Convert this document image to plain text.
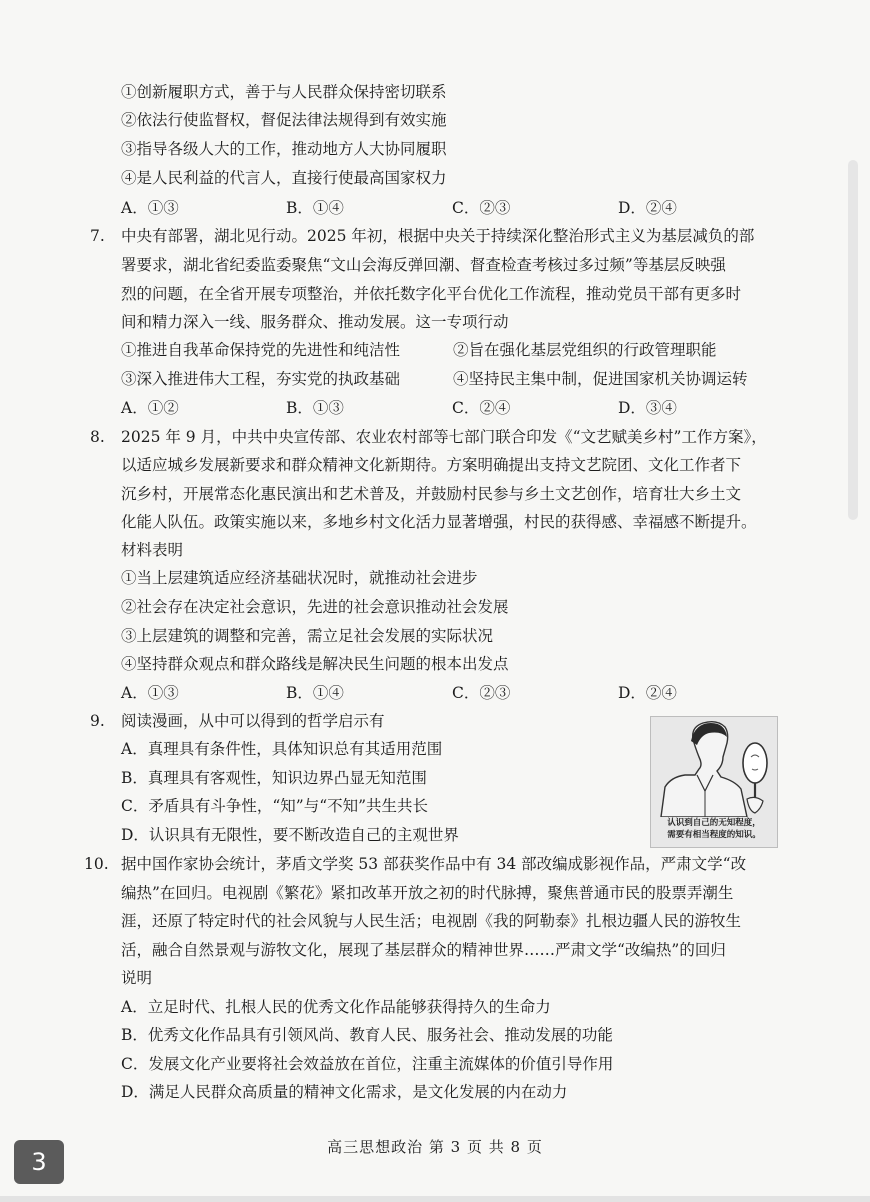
①创新履职方式，善于与人民群众保持密切联系
②依法行使监督权，督促法律法规得到有效实施
③指导各级人大的工作，推动地方人大协同履职
④是人民利益的代言人，直接行使最高国家权力
A．①③	B．①④	C．②③	D．②④
7. 中央有部署，湖北见行动。2025 年初，根据中央关于持续深化整治形式主义为基层减负的部
署要求，湖北省纪委监委聚焦“文山会海反弹回潮、督查检查考核过多过频”等基层反映强
烈的问题，在全省开展专项整治，并依托数字化平台优化工作流程，推动党员干部有更多时
间和精力深入一线、服务群众、推动发展。这一专项行动
①推进自我革命保持党的先进性和纯洁性	②旨在强化基层党组织的行政管理职能
③深入推进伟大工程，夯实党的执政基础	④坚持民主集中制，促进国家机关协调运转
A．①②	B．①③	C．②④	D．③④
8. 2025 年 9 月，中共中央宣传部、农业农村部等七部门联合印发《“文艺赋美乡村”工作方案》，
以适应城乡发展新要求和群众精神文化新期待。方案明确提出支持文艺院团、文化工作者下
沉乡村，开展常态化惠民演出和艺术普及，并鼓励村民参与乡土文艺创作，培育壮大乡土文
化能人队伍。政策实施以来，多地乡村文化活力显著增强，村民的获得感、幸福感不断提升。
材料表明
①当上层建筑适应经济基础状况时，就推动社会进步
②社会存在决定社会意识，先进的社会意识推动社会发展
③上层建筑的调整和完善，需立足社会发展的实际状况
④坚持群众观点和群众路线是解决民生问题的根本出发点
A．①③	B．①④	C．②③	D．②④
9. 阅读漫画，从中可以得到的哲学启示有
A．真理具有条件性，具体知识总有其适用范围
B．真理具有客观性，知识边界凸显无知范围
C．矛盾具有斗争性，“知”与“不知”共生共长
D．认识具有无限性，要不断改造自己的主观世界
认识到自己的无知程度，
需要有相当程度的知识。
10. 据中国作家协会统计，茅盾文学奖 53 部获奖作品中有 34 部改编成影视作品，严肃文学“改
编热”在回归。电视剧《繁花》紧扣改革开放之初的时代脉搏，聚焦普通市民的股票弄潮生
涯，还原了特定时代的社会风貌与人民生活；电视剧《我的阿勒泰》扎根边疆人民的游牧生
活，融合自然景观与游牧文化，展现了基层群众的精神世界……严肃文学“改编热”的回归
说明
A．立足时代、扎根人民的优秀文化作品能够获得持久的生命力
B．优秀文化作品具有引领风尚、教育人民、服务社会、推动发展的功能
C．发展文化产业要将社会效益放在首位，注重主流媒体的价值引导作用
D．满足人民群众高质量的精神文化需求，是文化发展的内在动力
高三思想政治 第 3 页 共 8 页
3
